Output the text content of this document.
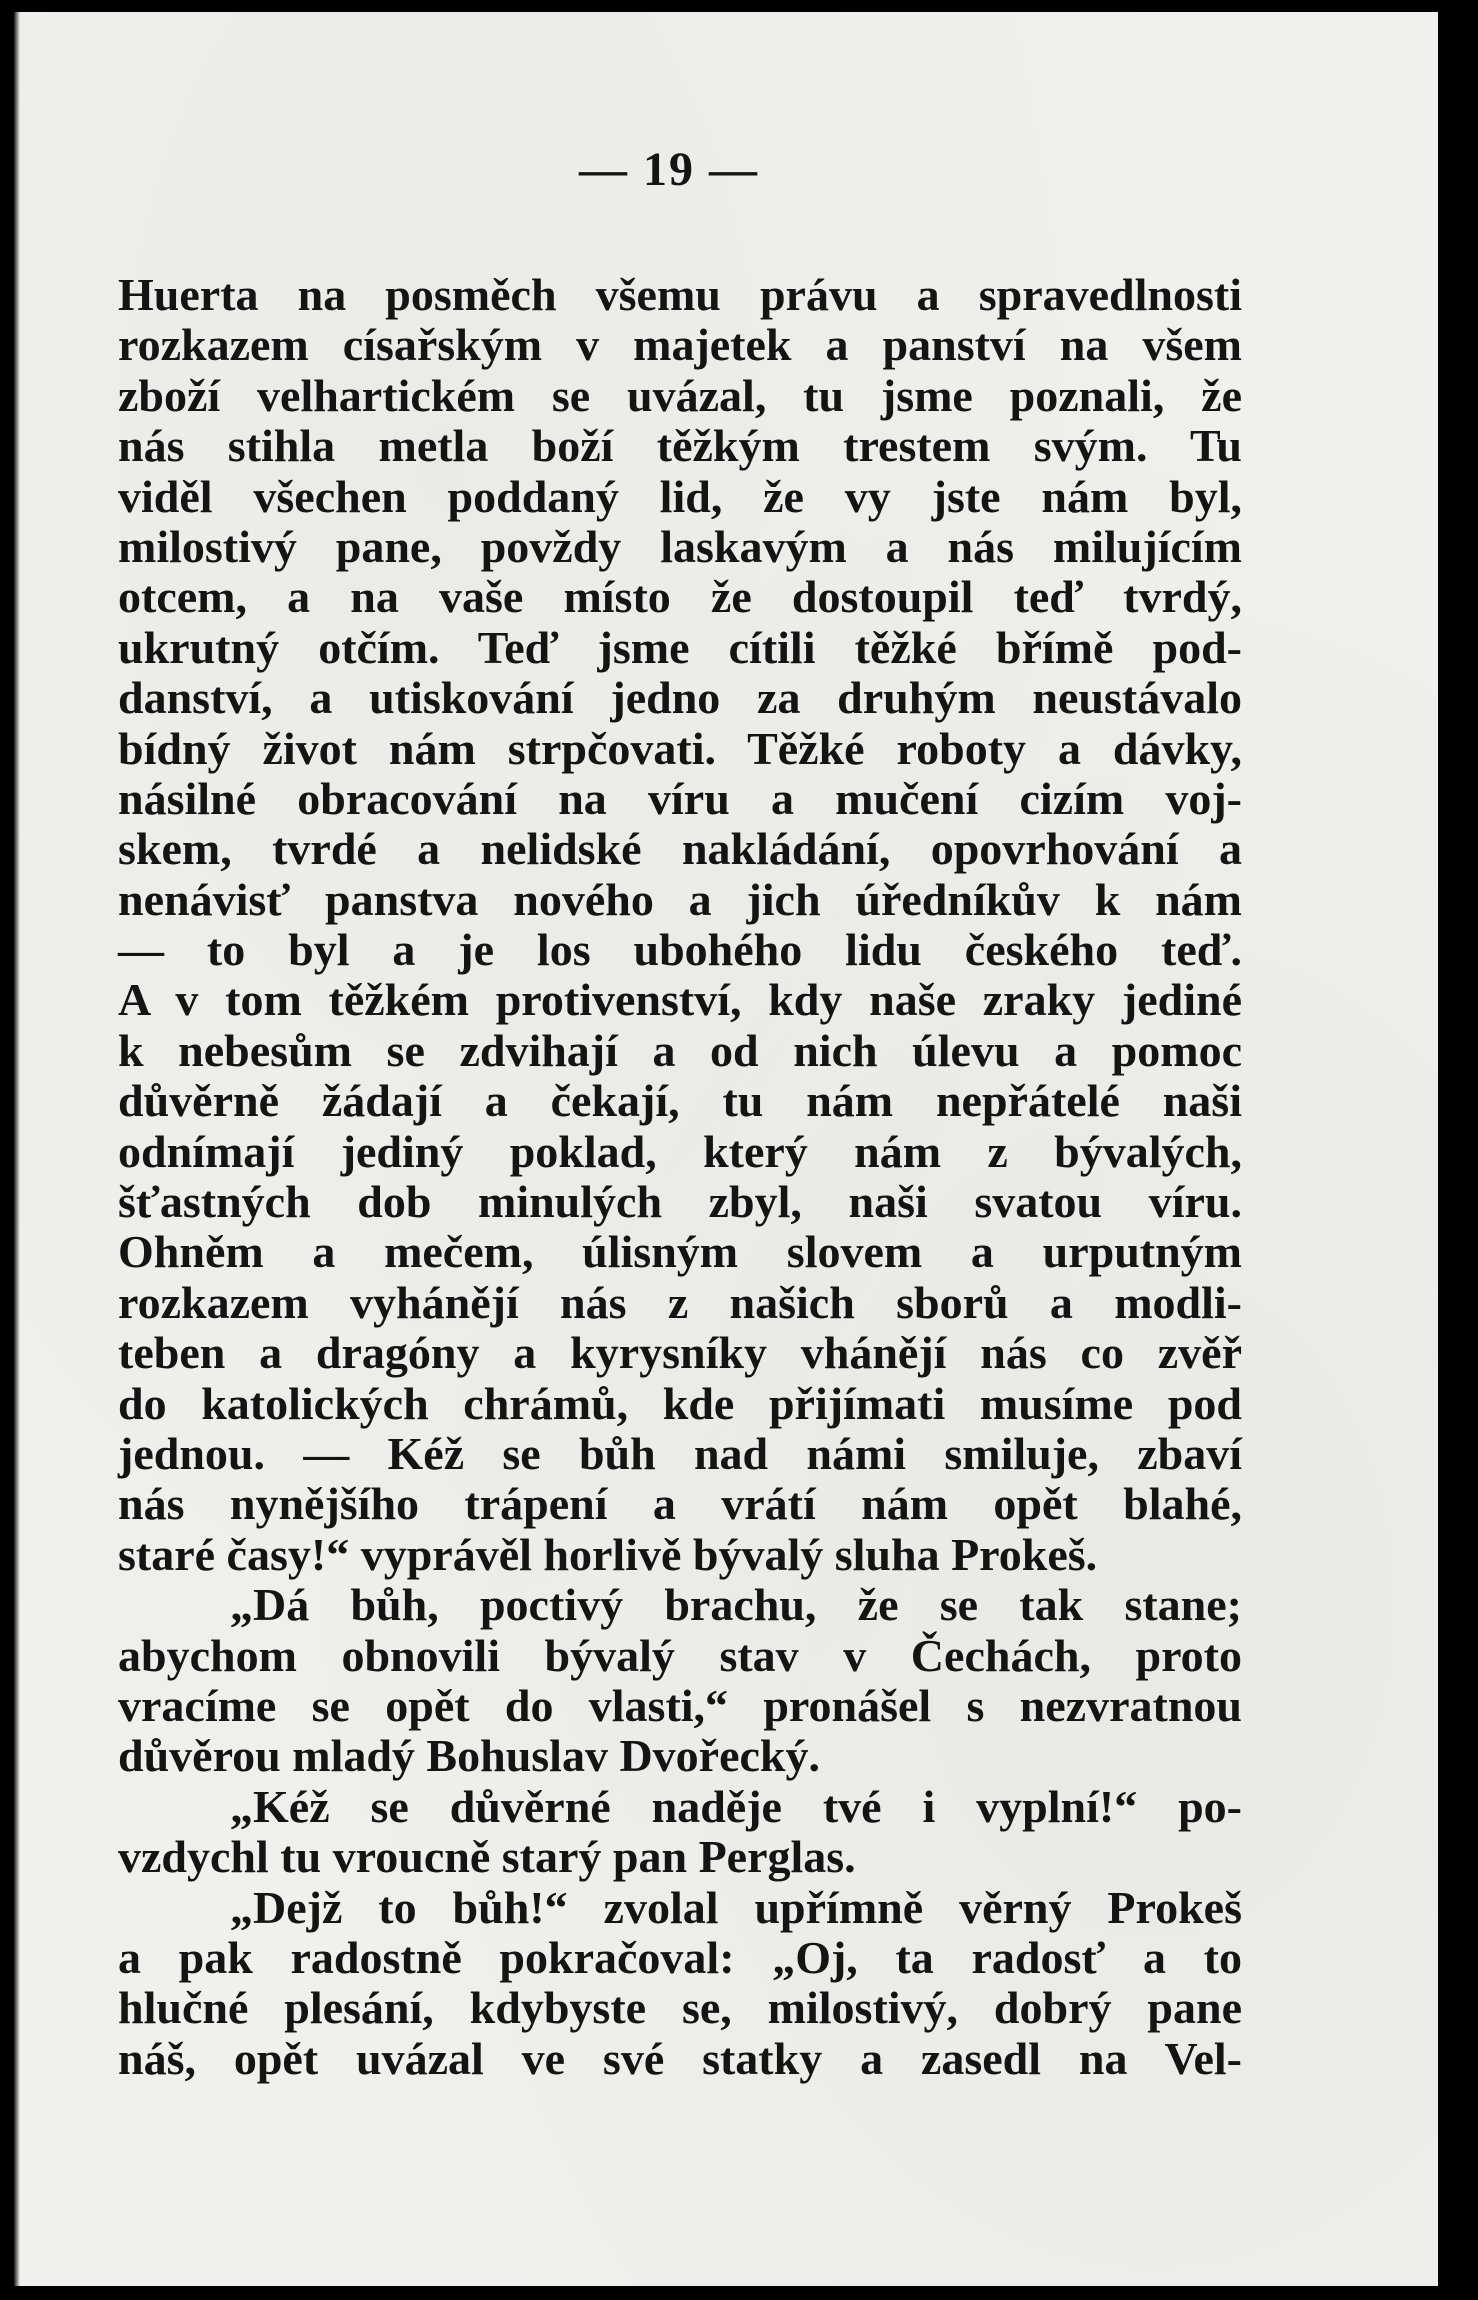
— 19 —
Huerta na posměch všemu právu a spravedlnosti
rozkazem císařským v majetek a panství na všem
zboží velhartickém se uvázal, tu jsme poznali, že
nás stihla metla boží těžkým trestem svým. Tu
viděl všechen poddaný lid, že vy jste nám byl,
milostivý pane, povždy laskavým a nás milujícím
otcem, a na vaše místo že dostoupil teď tvrdý,
ukrutný otčím. Teď jsme cítili těžké břímě pod-
danství, a utiskování jedno za druhým neustávalo
bídný život nám strpčovati. Těžké roboty a dávky,
násilné obracování na víru a mučení cizím voj-
skem, tvrdé a nelidské nakládání, opovrhování a
nenávisť panstva nového a jich úředníkův k nám
— to byl a je los ubohého lidu českého teď.
A v tom těžkém protivenství, kdy naše zraky jediné
k nebesům se zdvihají a od nich úlevu a pomoc
důvěrně žádají a čekají, tu nám nepřátelé naši
odnímají jediný poklad, který nám z bývalých,
šťastných dob minulých zbyl, naši svatou víru.
Ohněm a mečem, úlisným slovem a urputným
rozkazem vyhánějí nás z našich sborů a modli-
teben a dragóny a kyrysníky vhánějí nás co zvěř
do katolických chrámů, kde přijímati musíme pod
jednou. — Kéž se bůh nad námi smiluje, zbaví
nás nynějšího trápení a vrátí nám opět blahé,
staré časy!“ vyprávěl horlivě bývalý sluha Prokeš.
„Dá bůh, poctivý brachu, že se tak stane;
abychom obnovili bývalý stav v Čechách, proto
vracíme se opět do vlasti,“ pronášel s nezvratnou
důvěrou mladý Bohuslav Dvořecký.
„Kéž se důvěrné naděje tvé i vyplní!“ po-
vzdychl tu vroucně starý pan Perglas.
„Dejž to bůh!“ zvolal upřímně věrný Prokeš
a pak radostně pokračoval: „Oj, ta radosť a to
hlučné plesání, kdybyste se, milostivý, dobrý pane
náš, opět uvázal ve své statky a zasedl na Vel-
